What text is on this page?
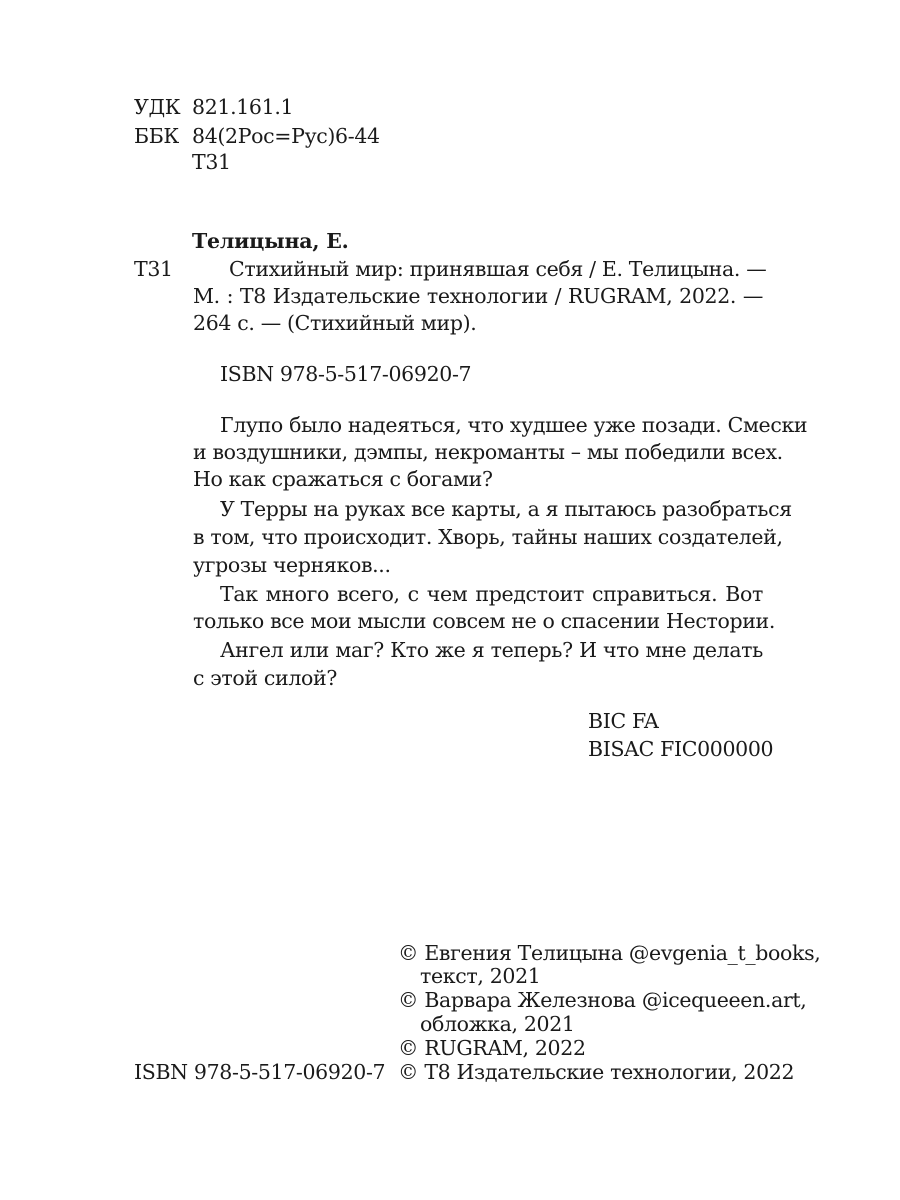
УДК 821.161.1
ББК 84(2Рос=Рус)6-44
Т31
Телицына, Е.
Т31	Стихийный мир: принявшая себя / Е. Телицына. —
М. : Т8 Издательские технологии / RUGRAM, 2022. —
264 с. — (Стихийный мир).
ISBN 978-5-517-06920-7
Глупо было надеяться, что худшее уже позади. Смески
и воздушники, дэмпы, некроманты – мы победили всех.
Но как сражаться с богами?
У Терры на руках все карты, а я пытаюсь разобраться
в том, что происходит. Хворь, тайны наших создателей,
угрозы черняков...
Так много всего, с чем предстоит справиться. Вот
только все мои мысли совсем не о спасении Нестории.
Ангел или маг? Кто же я теперь? И что мне делать
с этой силой?
BIC FA
BISAC FIC000000
© Евгения Телицына @evgenia_t_books,
текст, 2021
© Варвара Железнова @icequeeen.art,
обложка, 2021
© RUGRAM, 2022
© Т8 Издательские технологии, 2022
ISBN 978-5-517-06920-7
